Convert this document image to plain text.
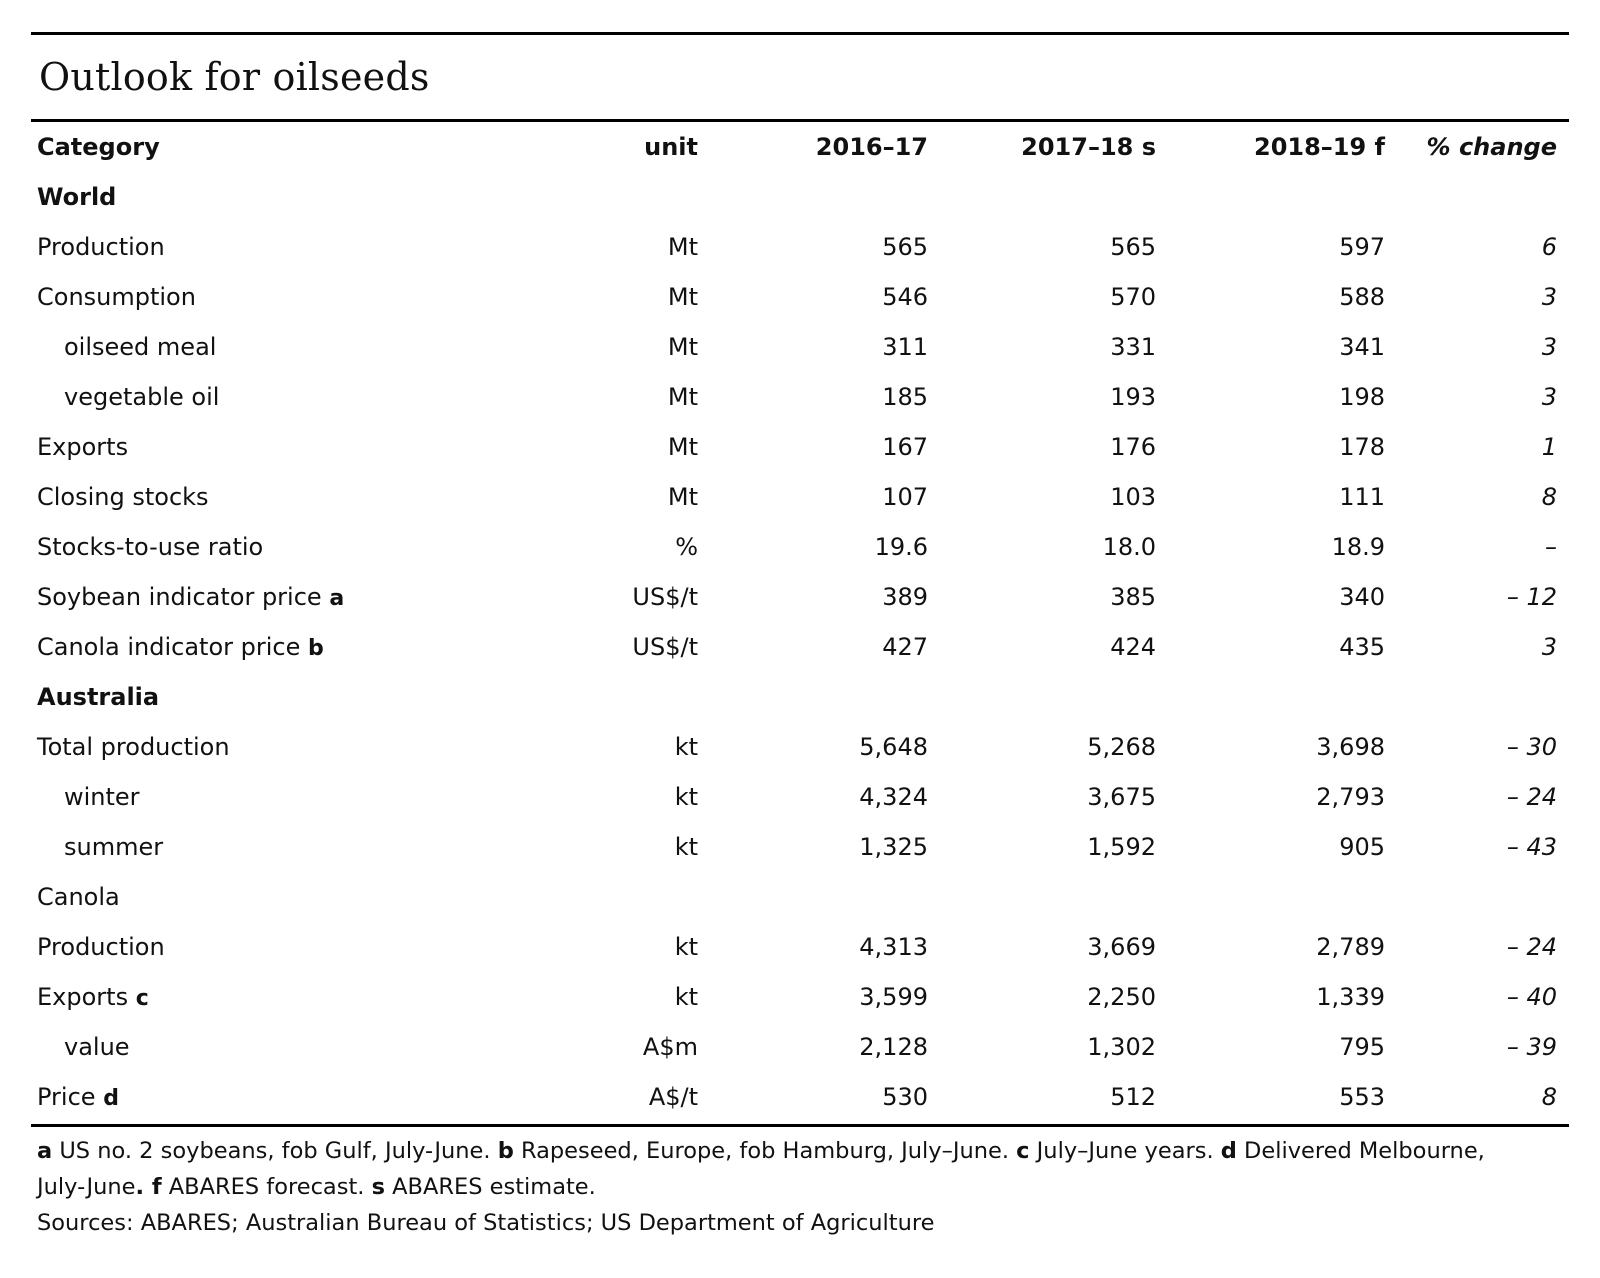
Outlook for oilseeds
Category	unit	2016–17	2017–18 s	2018–19 f	% change
World					
Production	Mt	565	565	597	6
Consumption	Mt	546	570	588	3
oilseed meal	Mt	311	331	341	3
vegetable oil	Mt	185	193	198	3
Exports	Mt	167	176	178	1
Closing stocks	Mt	107	103	111	8
Stocks-to-use ratio	%	19.6	18.0	18.9	–
Soybean indicator price a	US$/t	389	385	340	– 12
Canola indicator price b	US$/t	427	424	435	3
Australia					
Total production	kt	5,648	5,268	3,698	– 30
winter	kt	4,324	3,675	2,793	– 24
summer	kt	1,325	1,592	905	– 43
Canola					
Production	kt	4,313	3,669	2,789	– 24
Exports c	kt	3,599	2,250	1,339	– 40
value	A$m	2,128	1,302	795	– 39
Price d	A$/t	530	512	553	8
a US no. 2 soybeans, fob Gulf, July-June. b Rapeseed, Europe, fob Hamburg, July–June. c July–June years. d Delivered Melbourne, July-June. f ABARES forecast. s ABARES estimate.
Sources: ABARES; Australian Bureau of Statistics; US Department of Agriculture
